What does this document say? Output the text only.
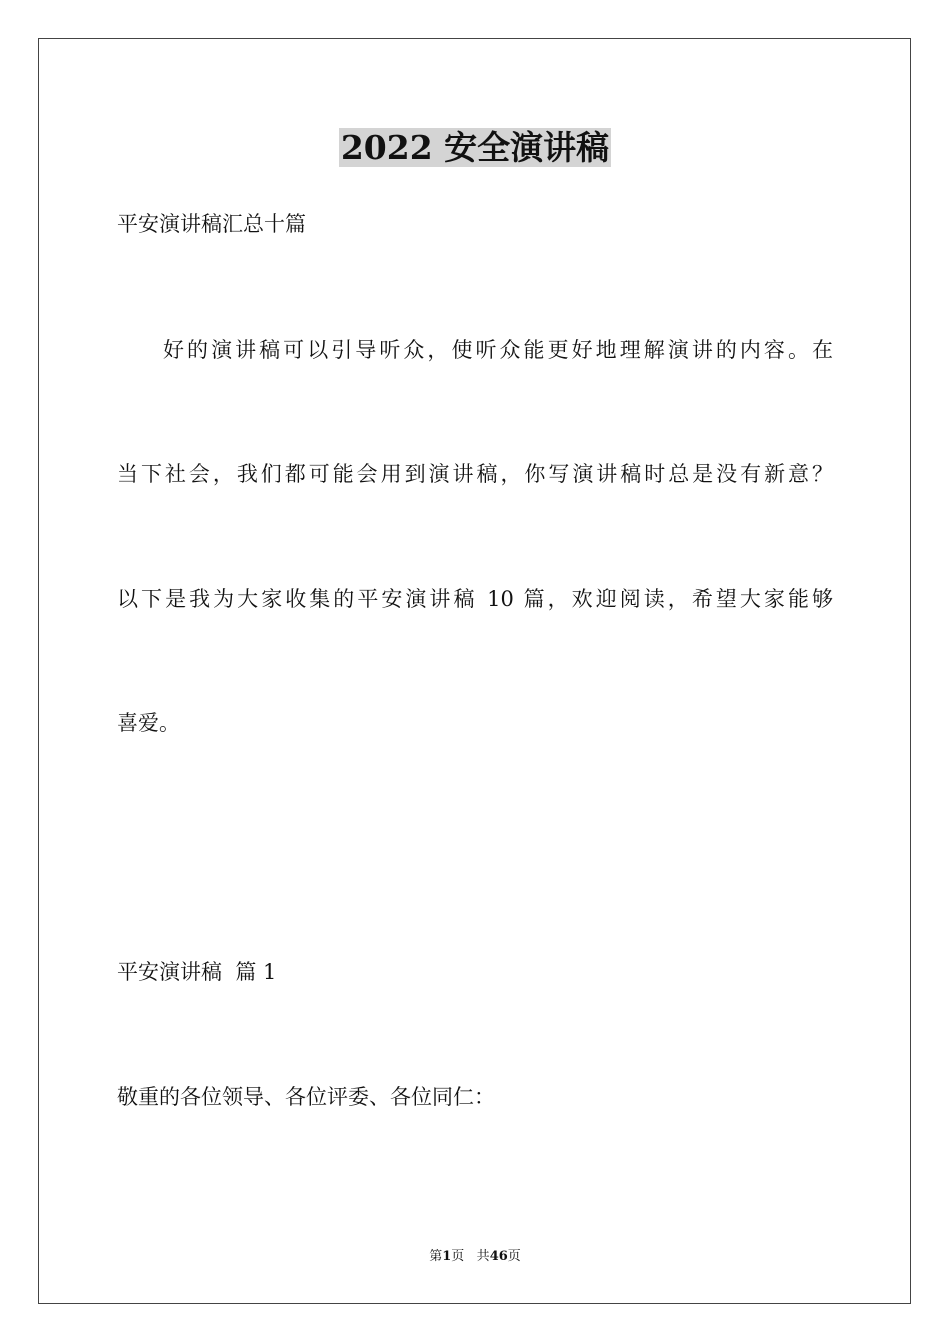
2022 安全演讲稿
平安演讲稿汇总十篇
好的演讲稿可以引导听众，使听众能更好地理解演讲的内容。在
当下社会，我们都可能会用到演讲稿，你写演讲稿时总是没有新意？
以下是我为大家收集的平安演讲稿 10 篇，欢迎阅读，希望大家能够
喜爱。
平安演讲稿  篇 1
敬重的各位领导、各位评委、各位同仁：
第1页 共46页
